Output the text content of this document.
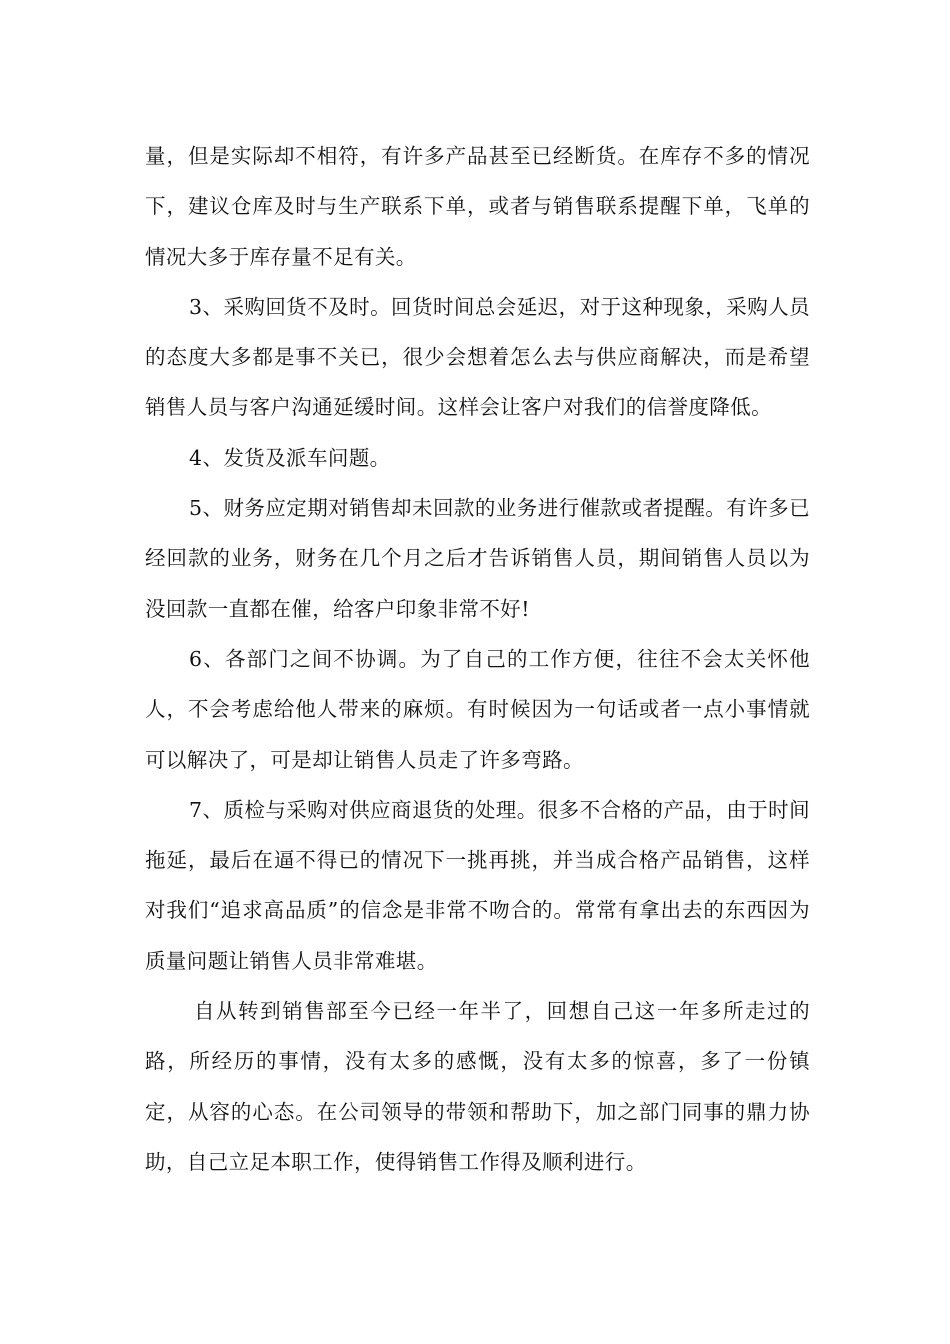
量，但是实际却不相符，有许多产品甚至已经断货。在库存不多的情况下，建议仓库及时与生产联系下单，或者与销售联系提醒下单，飞单的情况大多于库存量不足有关。

3、采购回货不及时。回货时间总会延迟，对于这种现象，采购人员的态度大多都是事不关已，很少会想着怎么去与供应商解决，而是希望销售人员与客户沟通延缓时间。这样会让客户对我们的信誉度降低。

4、发货及派车问题。

5、财务应定期对销售却未回款的业务进行催款或者提醒。有许多已经回款的业务，财务在几个月之后才告诉销售人员，期间销售人员以为没回款一直都在催，给客户印象非常不好!

6、各部门之间不协调。为了自己的工作方便，往往不会太关怀他人，不会考虑给他人带来的麻烦。有时候因为一句话或者一点小事情就可以解决了，可是却让销售人员走了许多弯路。

7、质检与采购对供应商退货的处理。很多不合格的产品，由于时间拖延，最后在逼不得已的情况下一挑再挑，并当成合格产品销售，这样对我们“追求高品质”的信念是非常不吻合的。常常有拿出去的东西因为质量问题让销售人员非常难堪。

自从转到销售部至今已经一年半了，回想自己这一年多所走过的路，所经历的事情，没有太多的感慨，没有太多的惊喜，多了一份镇定，从容的心态。在公司领导的带领和帮助下，加之部门同事的鼎力协助，自己立足本职工作，使得销售工作得及顺利进行。
